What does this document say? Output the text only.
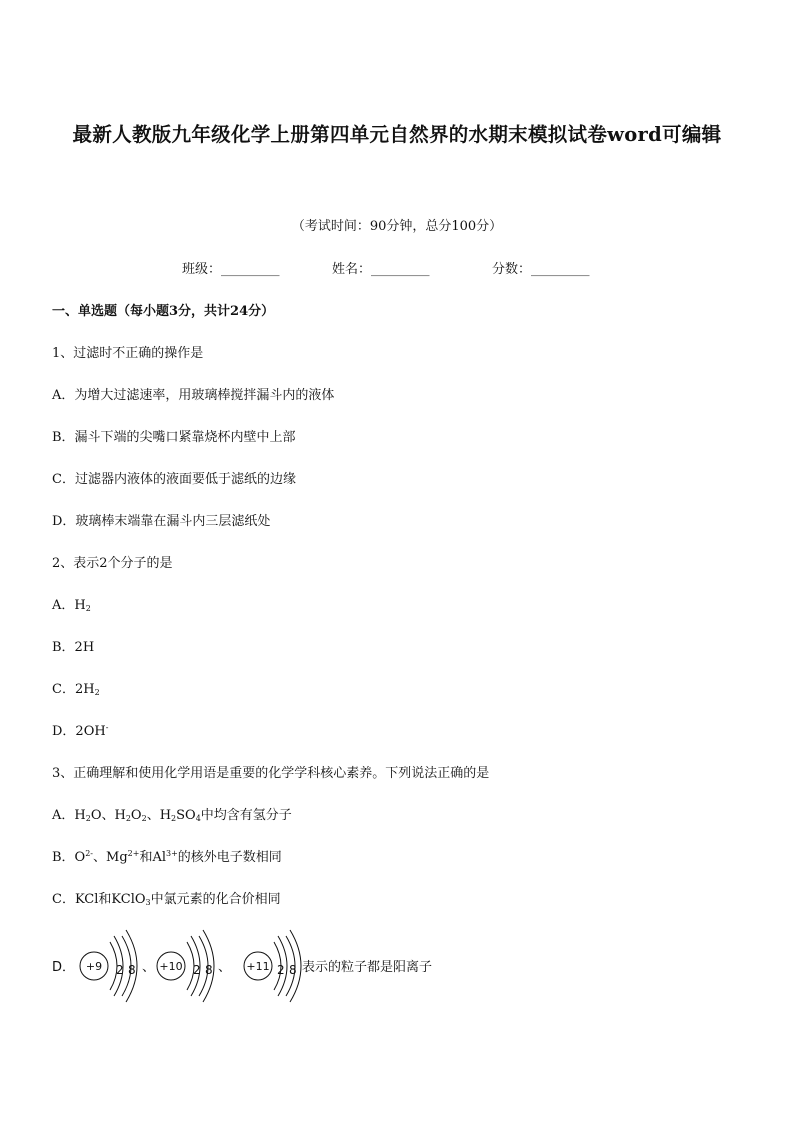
最新人教版九年级化学上册第四单元自然界的水期末模拟试卷word可编辑
（考试时间：90分钟，总分100分）
班级：_________	姓名：_________	分数：_________
一、单选题（每小题3分，共计24分）
1、过滤时不正确的操作是
A．为增大过滤速率，用玻璃棒搅拌漏斗内的液体
B．漏斗下端的尖嘴口紧靠烧杯内壁中上部
C．过滤器内液体的液面要低于滤纸的边缘
D．玻璃棒末端靠在漏斗内三层滤纸处
2、表示2个分子的是
A．$H_2$
B．2H
C．$2H_2$
D．2OH-
3、正确理解和使用化学用语是重要的化学学科核心素养。下列说法正确的是
A．$H_2O$、$H_2O_2$、$H_2SO_4$中均含有氢分子
B．$O^{2-}$、$Mg^{2+}$和$Al^{3+}$的核外电子数相同
C．KCl和KClO$_3$中氯元素的化合价相同
D． +9 2 8 、 +10 2 8 、 +11 2 8 表示的粒子都是阳离子
